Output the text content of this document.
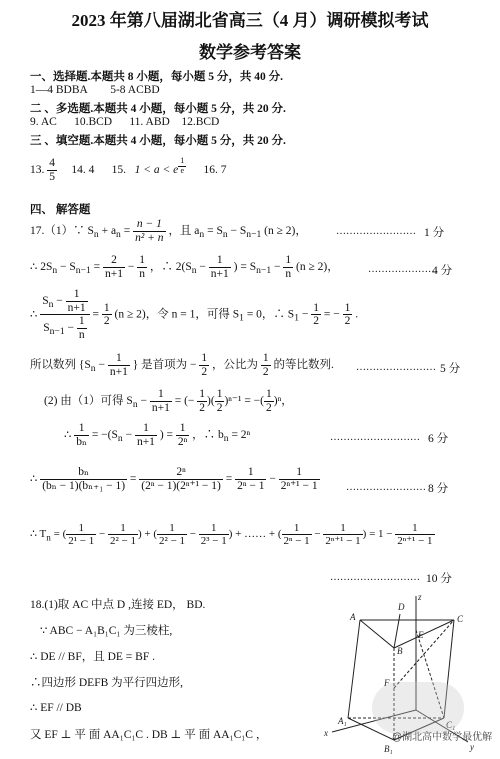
2023 年第八届湖北省高三（4 月）调研模拟考试
数学参考答案
一、选择题.本题共 8 小题，每小题 5 分，共 40 分.
1—4 BDBA        5-8 ACBD
二 、多选题.本题共 4 小题，每小题 5 分，共 20 分.
9. AC      10.BCD      11. ABD    12.BCD
三 、填空题.本题共 4 小题，每小题 5 分，共 20 分.
13. $\frac{4}{5} 14$. 4 15. 1 < a < e $^{\frac{1}{e}}$ 16. 7
四、 解答题
17.（1）∵ $S_n + a_n = \frac{n - 1}{\text{n² + n}}$ ，且 $a_n = S_n - S_{n-1}$ (n ≥ 2)，	…………………… 1 分
∴ $2S_n - S_{n-1} = \frac{2}{n+1} - \frac{1}{n}$ ，∴ $2(S_n - \frac{1}{n+1}$ ) = $S_{n-1} - \frac{1}{n} (n \ge 2)$，	…………………
4 分
∴ $\frac{S_n - \frac{1}{n+1}}{S_{n-1} - \frac{1}{n}} = \frac{1}{2} (n \ge 2)$，令 n = 1，可得 $S_1 = 0$，∴ $S_1 - \frac{1}{2}$ = − $\frac{1}{2}$ .
所以数列 {$S_n - \frac{1}{n+1}$ } 是首项为 − $\frac{1}{2}$ ，公比为 $\frac{1}{2}$ 的等比数列. …………………… 5 分
(2) 由（1）可得 $S_n - \frac{1}{n+1}$ = (− $\frac{1}{2}$ )( $\frac{1}{2} )^{n-1}$ = −( $\frac{1}{2} )^n$，
∴ $\frac{1}{\text{bₙ}} = -(S_n - \frac{1}{n+1}$ ) = $\frac{1}{\text{2ⁿ}}$ ，∴ $b_n = 2^n$	……………………… 6 分
∴ $\frac{\text{bₙ}}{\text{(bₙ − 1)(bₙ₊₁ − 1)}} = \frac{\text{2ⁿ}}{\text{(2ⁿ − 1)(2ⁿ⁺¹ − 1)}} = \frac{1}{\text{2ⁿ − 1}} - \frac{1}{\text{2ⁿ⁺¹ − 1}}$	…………………… 8 分
∴ $T_n$ = ( $\frac{1}{\text{2¹ − 1}} - \frac{1}{\text{2² − 1}}$ ) + ( $\frac{1}{\text{2² − 1}} - \frac{1}{\text{2³ − 1}}$ ) + …… + ( $\frac{1}{\text{2ⁿ − 1}} - \frac{1}{\text{2ⁿ⁺¹ − 1}}$ ) = $1 - \frac{1}{\text{2ⁿ⁺¹ − 1}}$
……………………… 10 分
18.(1)取 AC 中点 D ,连接 ED， BD.
∵ ABC − A₁B₁C₁ 为三棱柱,
∴ DE // BF，且 DE = BF .
∴四边形 DEFB 为平行四边形,
∴ EF // DB
又 EF ⊥ 平 面 AA₁C₁C . DB ⊥ 平 面 AA₁C₁C ，
z
A
D
C
B
E
F
x
y
A₁	C₁
B₁
@湖北高中数学最优解
